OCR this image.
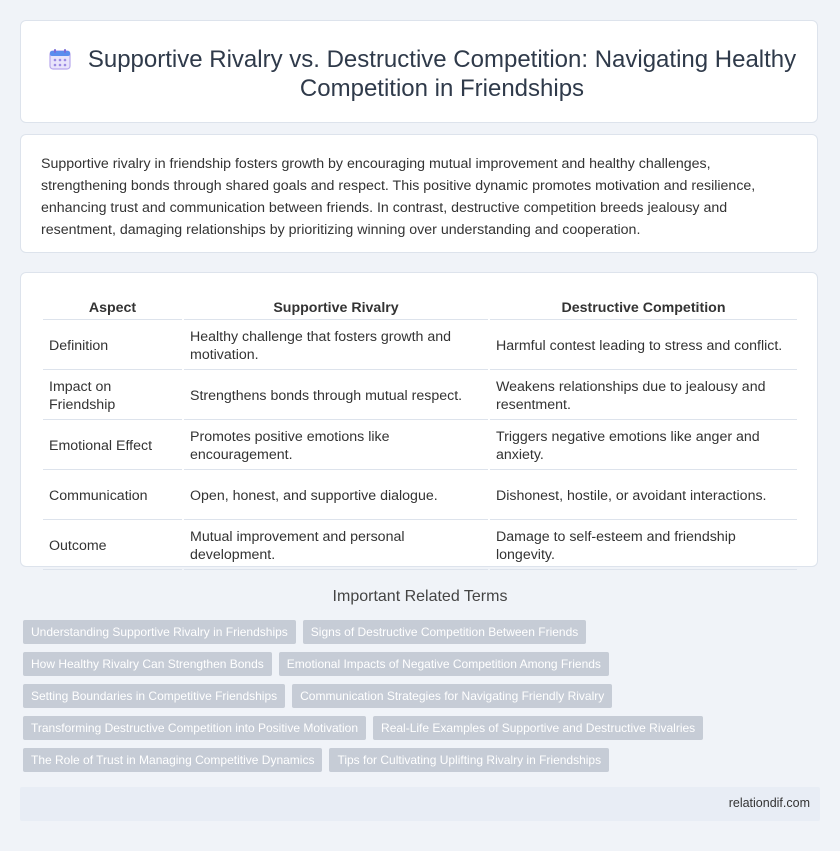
Supportive Rivalry vs. Destructive Competition: Navigating Healthy Competition in Friendships

Supportive rivalry in friendship fosters growth by encouraging mutual improvement and healthy challenges, strengthening bonds through shared goals and respect. This positive dynamic promotes motivation and resilience, enhancing trust and communication between friends. In contrast, destructive competition breeds jealousy and resentment, damaging relationships by prioritizing winning over understanding and cooperation.

Aspect	Supportive Rivalry	Destructive Competition
Definition	Healthy challenge that fosters growth and motivation.	Harmful contest leading to stress and conflict.
Impact on Friendship	Strengthens bonds through mutual respect.	Weakens relationships due to jealousy and resentment.
Emotional Effect	Promotes positive emotions like encouragement.	Triggers negative emotions like anger and anxiety.
Communication	Open, honest, and supportive dialogue.	Dishonest, hostile, or avoidant interactions.
Outcome	Mutual improvement and personal development.	Damage to self-esteem and friendship longevity.
Important Related Terms
Understanding Supportive Rivalry in Friendships	Signs of Destructive Competition Between Friends
How Healthy Rivalry Can Strengthen Bonds	Emotional Impacts of Negative Competition Among Friends
Setting Boundaries in Competitive Friendships	Communication Strategies for Navigating Friendly Rivalry
Transforming Destructive Competition into Positive Motivation	Real-Life Examples of Supportive and Destructive Rivalries
The Role of Trust in Managing Competitive Dynamics	Tips for Cultivating Uplifting Rivalry in Friendships
relationdif.com
